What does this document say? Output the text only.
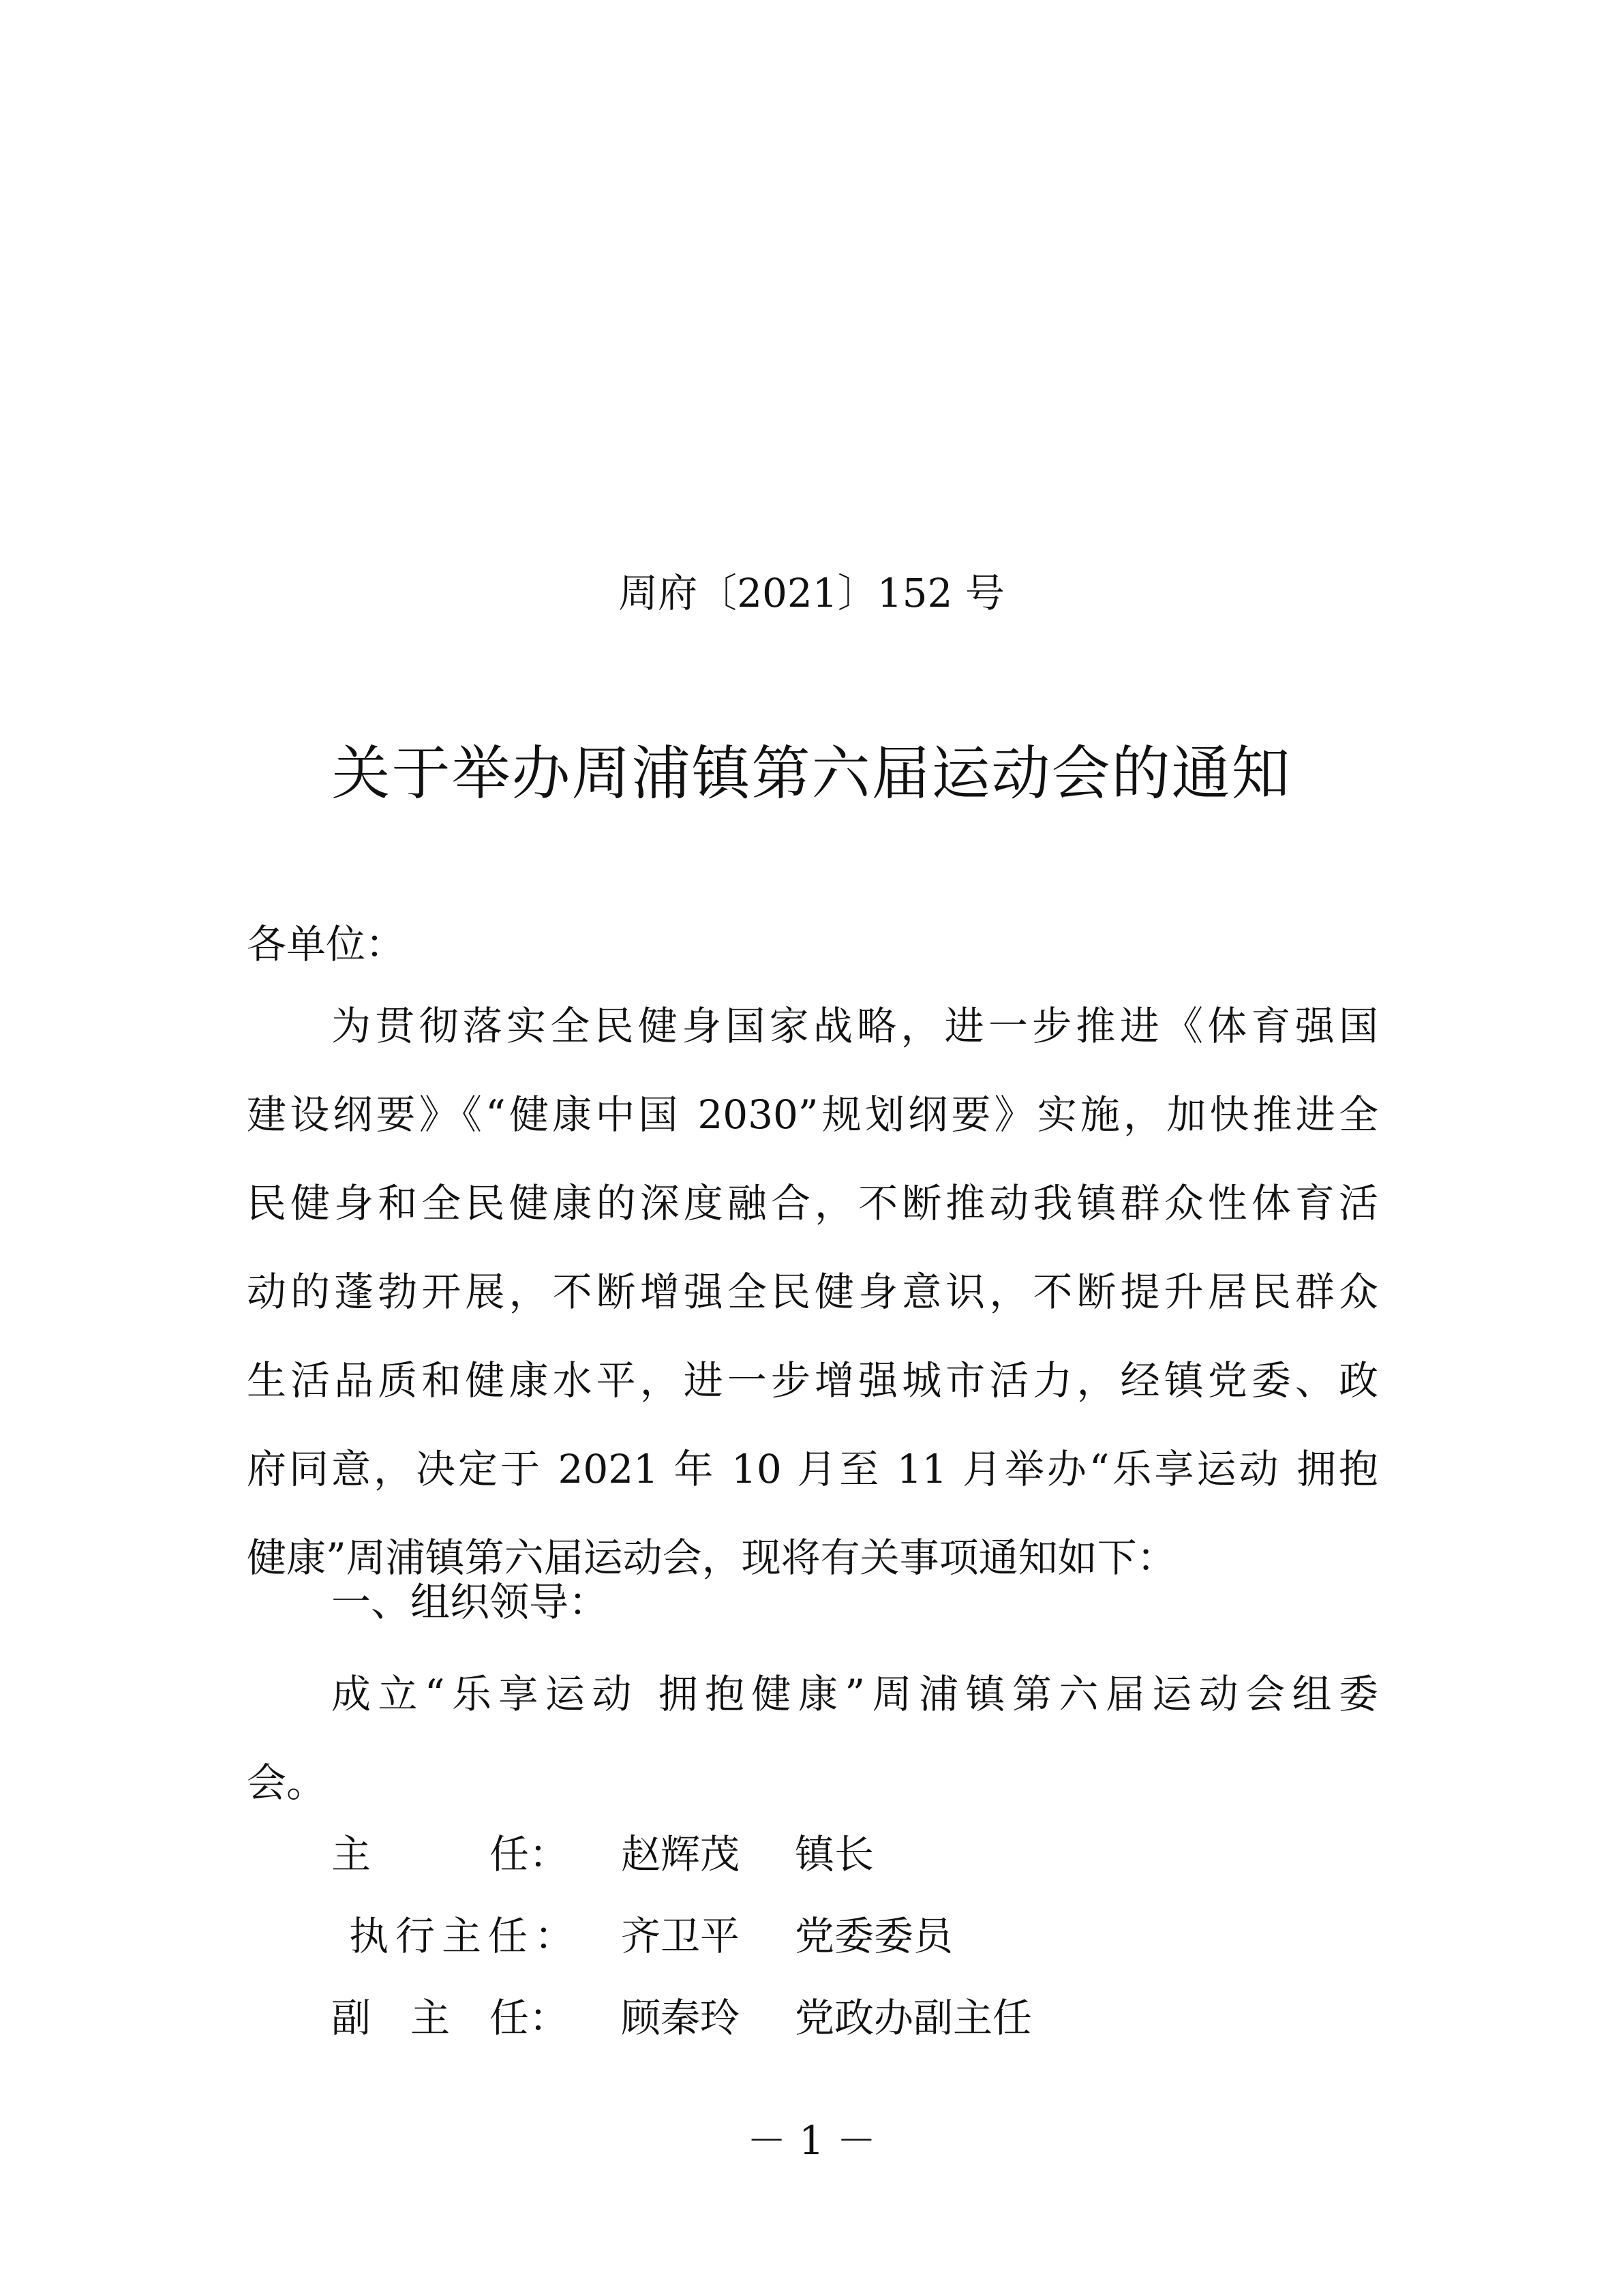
周府〔2021〕152 号
关于举办周浦镇第六届运动会的通知
各单位：
为贯彻落实全民健身国家战略，进一步推进《体育强国
建设纲要》《“健康中国 2030”规划纲要》实施，加快推进全
民健身和全民健康的深度融合，不断推动我镇群众性体育活
动的蓬勃开展，不断增强全民健身意识，不断提升居民群众
生活品质和健康水平，进一步增强城市活力，经镇党委、政
府同意，决定于 2021 年 10 月至 11 月举办“乐享运动 拥抱
健康”周浦镇第六届运动会，现将有关事项通知如下：
一、组织领导：
成立“乐享运动 拥抱健康”周浦镇第六届运动会组委
会。
主　　　任： 赵辉茂 镇长
执行主任： 齐卫平 党委委员
副　主　任： 顾秦玲 党政办副主任
－ 1 －
